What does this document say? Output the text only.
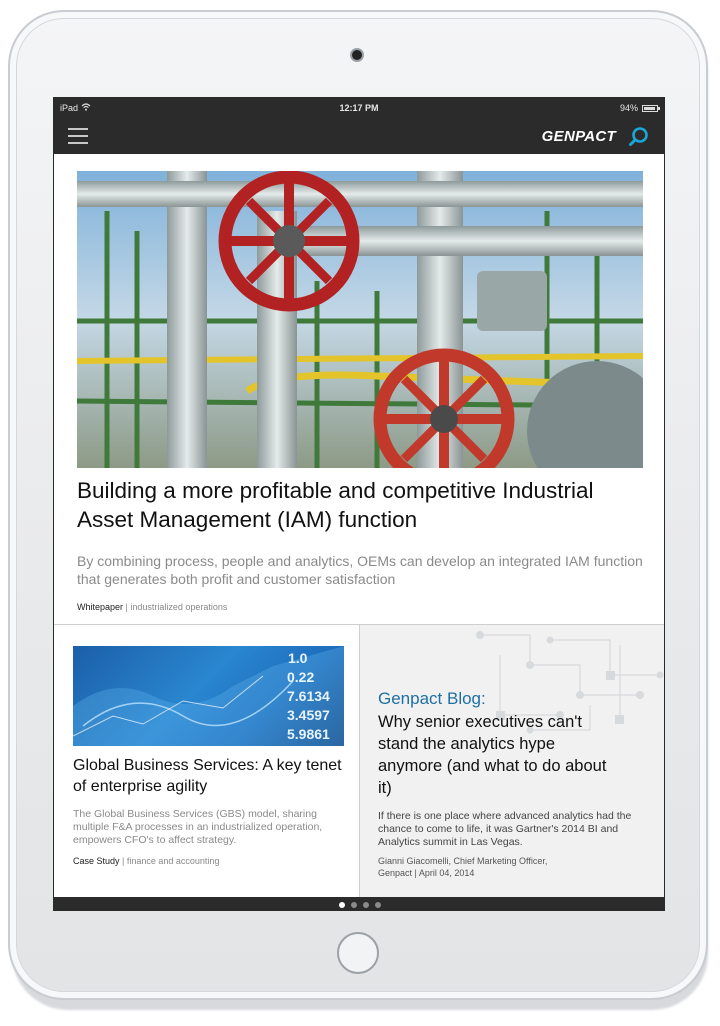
iPad	12:17 PM	94%
GENPACT
Building a more profitable and competitive Industrial Asset Management (IAM) function
By combining process, people and analytics, OEMs can develop an integrated IAM function that generates both profit and customer satisfaction
Whitepaper | industrialized operations
1.0
0.22
7.6134
3.4597
5.9861
Global Business Services: A key tenet of enterprise agility
The Global Business Services (GBS) model, sharing multiple F&A processes in an industrialized operation, empowers CFO's to affect strategy.
Case Study | finance and accounting
Genpact Blog:
Why senior executives can't stand the analytics hype anymore (and what to do about it)
If there is one place where advanced analytics had the chance to come to life, it was Gartner's 2014 BI and Analytics summit in Las Vegas.
Gianni Giacomelli, Chief Marketing Officer,
Genpact | April 04, 2014
